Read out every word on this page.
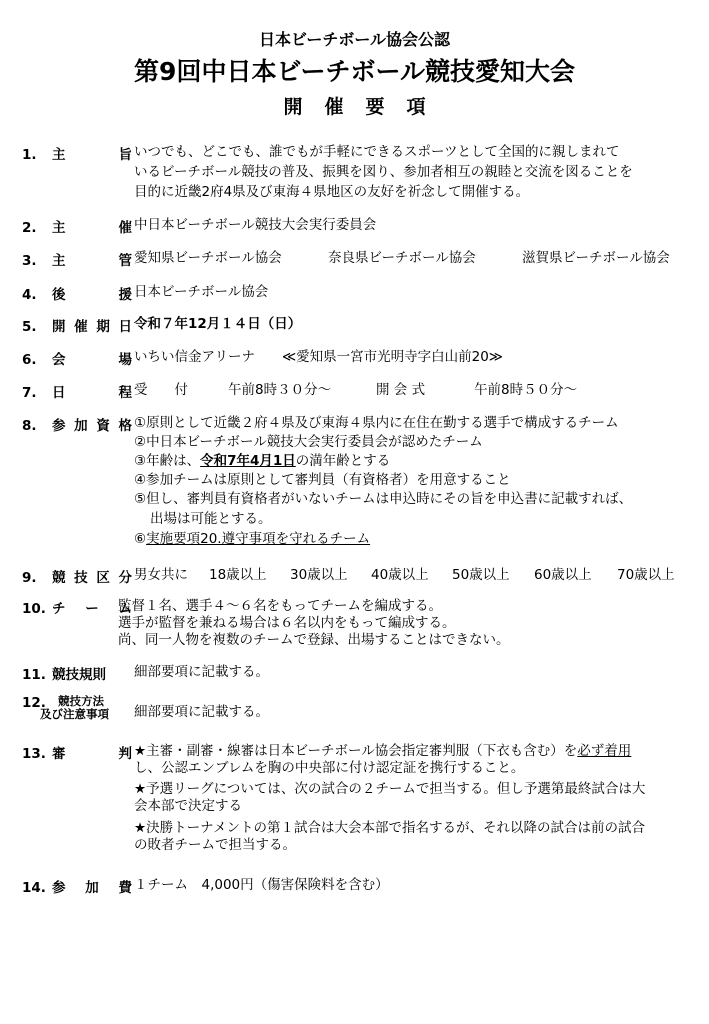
日本ビーチボール協会公認
第9回中日本ビーチボール競技愛知大会
開催要項
1. 主旨 いつでも、どこでも、誰でもが手軽にできるスポーツとして全国的に親しまれて
いるビーチボール競技の普及、振興を図り、参加者相互の親睦と交流を図ることを
目的に近畿2府4県及び東海４県地区の友好を祈念して開催する。
2. 主催 中日本ビーチボール競技大会実行委員会
3. 主管 愛知県ビーチボール協会	奈良県ビーチボール協会	滋賀県ビーチボール協会
4. 後援 日本ビーチボール協会
5. 開催期日 令和７年12月１４日（日）
6. 会場 いちい信金アリーナ ≪愛知県一宮市光明寺字白山前20≫
7. 日程 受　　付	午前8時３０分～	開 会 式	午前8時５０分～
8. 参加資格 ①原則として近畿２府４県及び東海４県内に在住在勤する選手で構成するチーム
②中日本ビーチボール競技大会実行委員会が認めたチーム
③年齢は、令和7年4月1日の満年齢とする
④参加チームは原則として審判員（有資格者）を用意すること
⑤但し、審判員有資格者がいないチームは申込時にその旨を申込書に記載すれば、
出場は可能とする。
⑥実施要項20.遵守事項を守れるチーム
9. 競技区分 男女共に 18歳以上 30歳以上 40歳以上 50歳以上 60歳以上 70歳以上
10. チーム
監督１名、選手４～６名をもってチームを編成する。
選手が監督を兼ねる場合は６名以内をもって編成する。
尚、同一人物を複数のチームで登録、出場することはできない。
11. 競技規則	細部要項に記載する。
12.	競技方法
及び注意事項	細部要項に記載する。
13. 審判 ★主審・副審・線審は日本ビーチボール協会指定審判服（下衣も含む）を必ず着用
し、公認エンブレムを胸の中央部に付け認定証を携行すること。
★予選リーグについては、次の試合の２チームで担当する。但し予選第最終試合は大
会本部で決定する
★決勝トーナメントの第１試合は大会本部で指名するが、それ以降の試合は前の試合
の敗者チームで担当する。
14. 参加費 １チーム　4,000円（傷害保険料を含む）
